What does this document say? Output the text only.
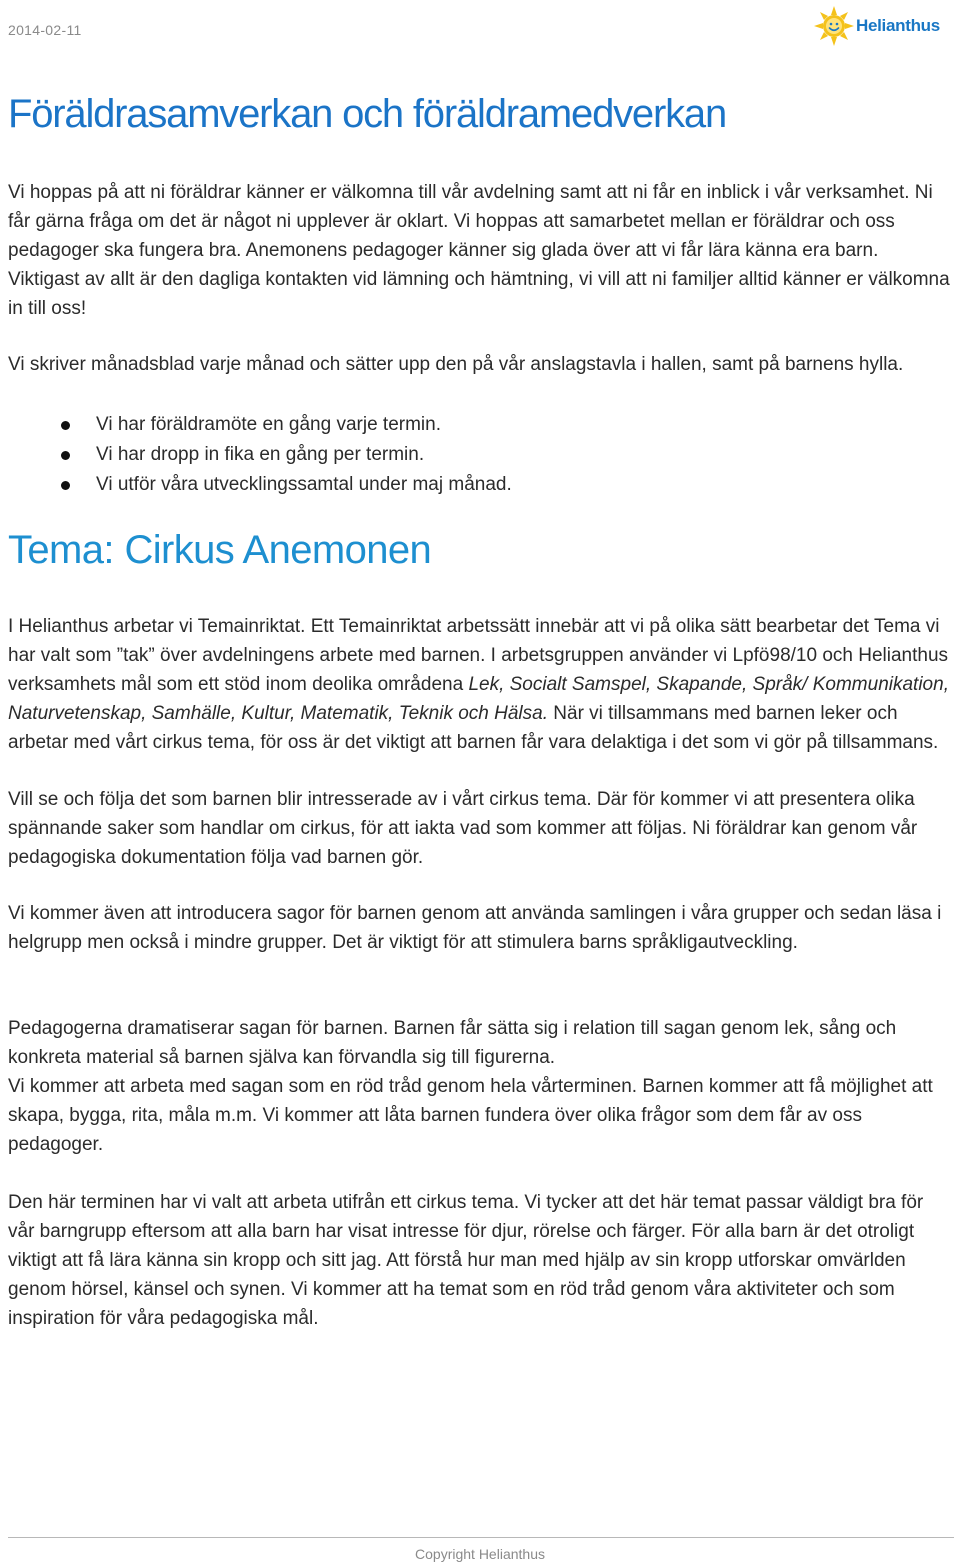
2014-02-11	Helianthus
Föräldrasamverkan och föräldramedverkan

Vi hoppas på att ni föräldrar känner er välkomna till vår avdelning samt att ni får en inblick i vår verksamhet. Ni får gärna fråga om det är något ni upplever är oklart. Vi hoppas att samarbetet mellan er föräldrar och oss pedagoger ska fungera bra. Anemonens pedagoger känner sig glada över att vi får lära känna era barn. Viktigast av allt är den dagliga kontakten vid lämning och hämtning, vi vill att ni familjer alltid känner er välkomna in till oss!

Vi skriver månadsblad varje månad och sätter upp den på vår anslagstavla i hallen, samt på barnens hylla.

Vi har föräldramöte en gång varje termin.
Vi har dropp in fika en gång per termin.
Vi utför våra utvecklingssamtal under maj månad.
Tema: Cirkus Anemonen

I Helianthus arbetar vi Temainriktat. Ett Temainriktat arbetssätt innebär att vi på olika sätt bearbetar det Tema vi har valt som ”tak” över avdelningens arbete med barnen. I arbetsgruppen använder vi Lpfö98/10 och Helianthus verksamhets mål som ett stöd inom deolika områdena Lek, Socialt Samspel, Skapande, Språk/ Kommunikation, Naturvetenskap, Samhälle, Kultur, Matematik, Teknik och Hälsa. När vi tillsammans med barnen leker och arbetar med vårt cirkus tema, för oss är det viktigt att barnen får vara delaktiga i det som vi gör på tillsammans.

Vill se och följa det som barnen blir intresserade av i vårt cirkus tema. Där för kommer vi att presentera olika spännande saker som handlar om cirkus, för att iakta vad som kommer att följas. Ni föräldrar kan genom vår pedagogiska dokumentation följa vad barnen gör.

Vi kommer även att introducera sagor för barnen genom att använda samlingen i våra grupper och sedan läsa i helgrupp men också i mindre grupper. Det är viktigt för att stimulera barns språkligautveckling.

Pedagogerna dramatiserar sagan för barnen. Barnen får sätta sig i relation till sagan genom lek, sång och konkreta material så barnen själva kan förvandla sig till figurerna.

Vi kommer att arbeta med sagan som en röd tråd genom hela vårterminen. Barnen kommer att få möjlighet att skapa, bygga, rita, måla m.m. Vi kommer att låta barnen fundera över olika frågor som dem får av oss pedagoger.

Den här terminen har vi valt att arbeta utifrån ett cirkus tema. Vi tycker att det här temat passar väldigt bra för vår barngrupp eftersom att alla barn har visat intresse för djur, rörelse och färger. För alla barn är det otroligt viktigt att få lära känna sin kropp och sitt jag. Att förstå hur man med hjälp av sin kropp utforskar omvärlden genom hörsel, känsel och synen. Vi kommer att ha temat som en röd tråd genom våra aktiviteter och som inspiration för våra pedagogiska mål.

Copyright Helianthus
